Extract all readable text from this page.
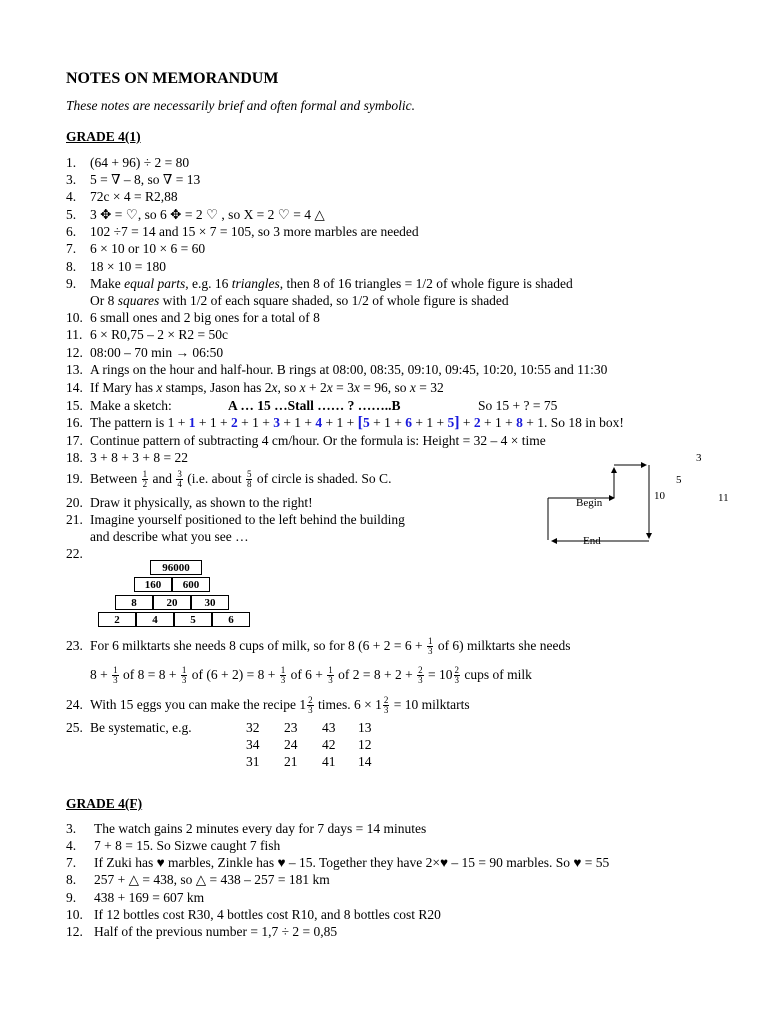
NOTES ON MEMORANDUM
These notes are necessarily brief and often formal and symbolic.
GRADE 4(1)
1. (64 + 96) ÷ 2 = 80
3. 5 = ∇ – 8, so ∇ = 13
4. 72c × 4 = R2,88
5. 3 ✥ = ♡, so 6 ✥ = 2 ♡ , so X = 2 ♡ = 4 △
6. 102 ÷7 = 14 and 15 × 7 = 105, so 3 more marbles are needed
7. 6 × 10 or 10 × 6 = 60
8. 18 × 10 = 180
9. Make equal parts, e.g. 16 triangles, then 8 of 16 triangles = 1/2 of whole figure is shaded
Or 8 squares with 1/2 of each square shaded, so 1/2 of whole figure is shaded
10. 6 small ones and 2 big ones for a total of 8
11. 6 × R0,75 – 2 × R2 = 50c
12. 08:00 – 70 min → 06:50
13. A rings on the hour and half-hour. B rings at 08:00, 08:35, 09:10, 09:45, 10:20, 10:55 and 11:30
14. If Mary has x stamps, Jason has 2x, so x + 2x = 3x = 96, so x = 32
15. Make a sketch:	A … 15 …Stall …… ? ……..B	So 15 + ? = 75
16. The pattern is 1 + 1 + 1 + 2 + 1 + 3 + 1 + 4 + 1 + [5 + 1 + 6 + 1 + 5] + 2 + 1 + 8 + 1. So 18 in box!
17. Continue pattern of subtracting 4 cm/hour. Or the formula is: Height = 32 – 4 × time
18. 3 + 8 + 3 + 8 = 22
19. Between $\frac{1}{2}$ and $\frac{3}{4} (i.e$. about $\frac{5}{8}$ of circle is shaded. So C.
20. Draw it physically, as shown to the right!
21. Imagine yourself positioned to the left behind the building
and describe what you see …
22.
96000
160	600
8	20	30
2	4	5	6
Begin
End
10
5
3
11
23. For 6 milktarts she needs 8 cups of milk, so for 8 ($6 + 2 = 6 + \frac{1}{3}$ of 6) milktarts she needs
$8 + \frac{1}{3}$ of $8 = 8 + \frac{1}{3}$ of $(6 + 2) = 8 + \frac{1}{3}$ of $6 + \frac{1}{3}$ of $2 = 8 + 2 + \frac{2}{3} = 10 \frac{2}{3}$ cups of milk
24. With 15 eggs you can make the recipe $1 \frac{2}{3}$ times. $6 \times 1 \frac{2}{3} = 10$ milktarts
25. Be systematic, e.g.	32	23	43	13
34	24	42	12
31	21	41	14
GRADE 4(F)
3. The watch gains 2 minutes every day for 7 days = 14 minutes
4. 7 + 8 = 15. So Sizwe caught 7 fish
7. If Zuki has ♥ marbles, Zinkle has ♥ – 15. Together they have 2×♥ – 15 = 90 marbles. So ♥ = 55
8. 257 + △ = 438, so △ = 438 – 257 = 181 km
9. 438 + 169 = 607 km
10. If 12 bottles cost R30, 4 bottles cost R10, and 8 bottles cost R20
12. Half of the previous number = 1,7 ÷ 2 = 0,85
